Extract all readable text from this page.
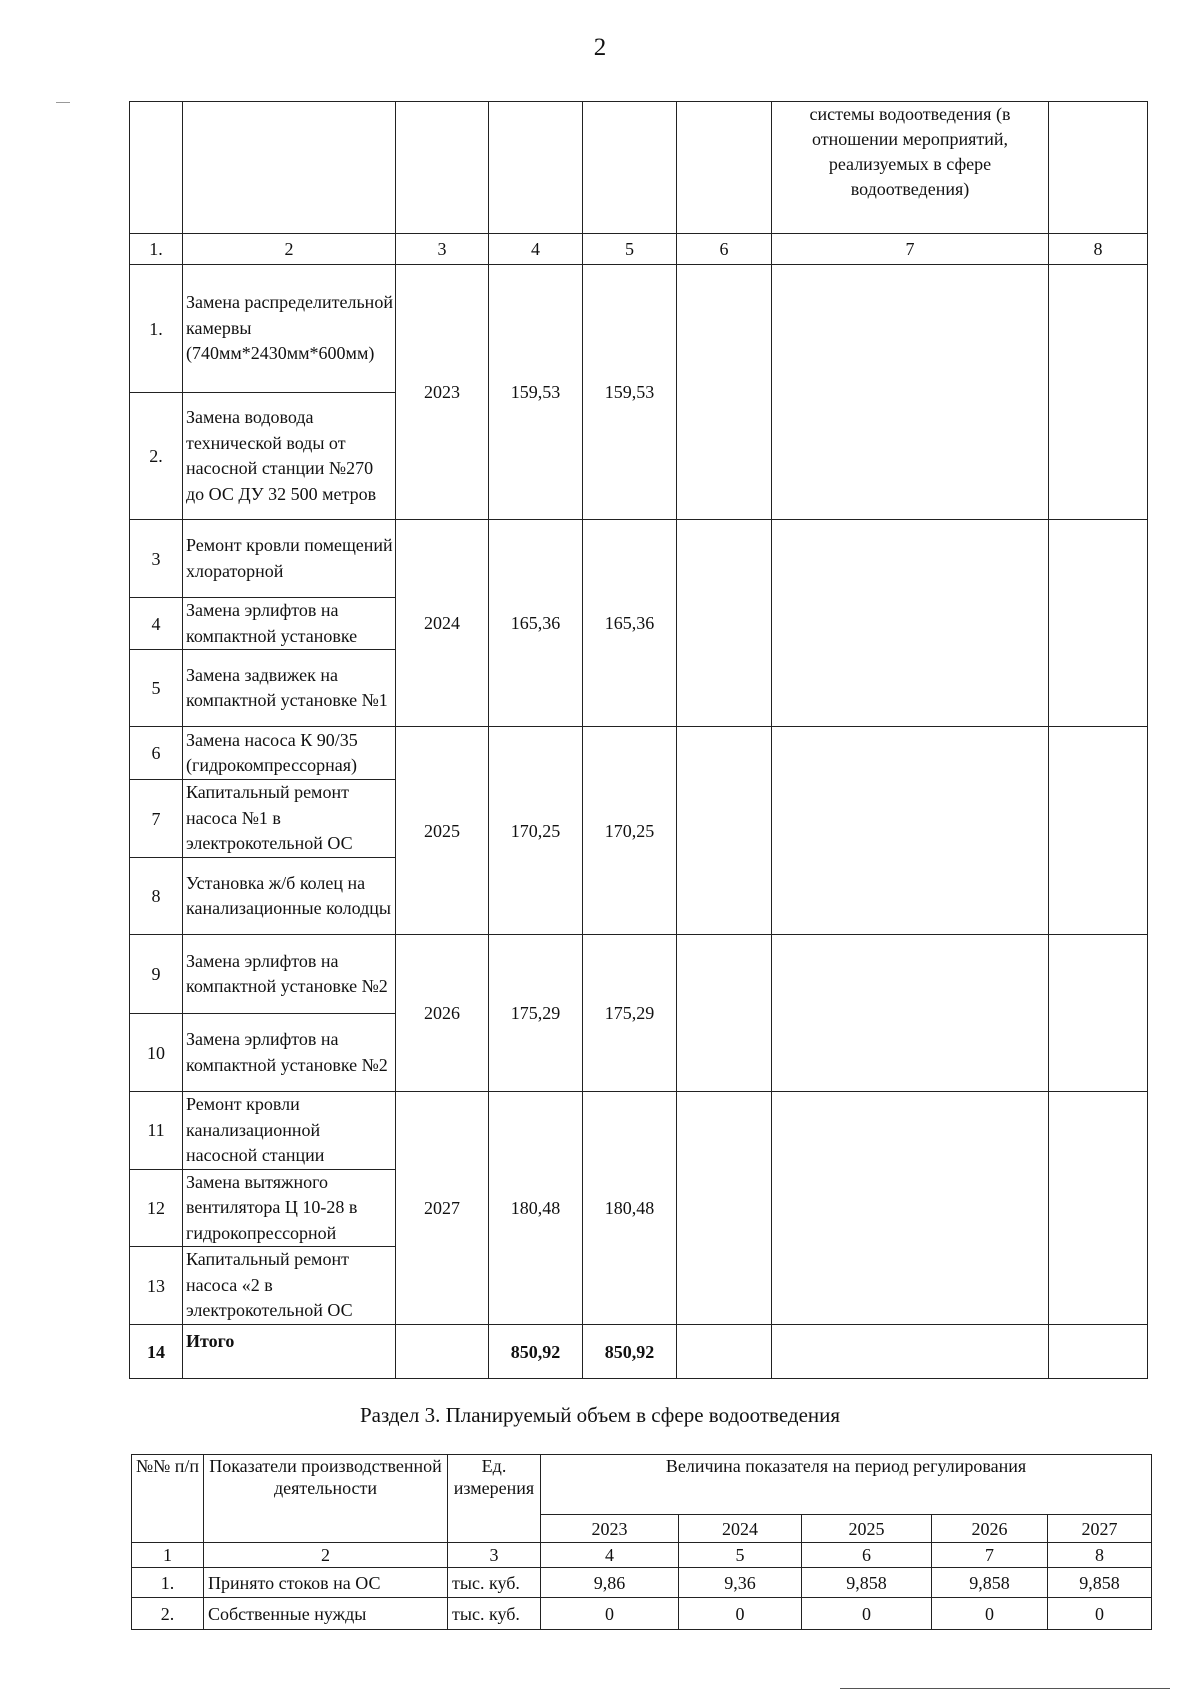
2
						системы водоотведения (в отношении мероприятий, реализуемых в сфере водоотведения)	
1.	2	3	4	5	6	7	8
1.	Замена распределительной камервы (740мм*2430мм*600мм)	2023	159,53	159,53			
2.	Замена водовода технической воды от насосной станции №270 до ОС ДУ 32 500 метров						
3	Ремонт кровли помещений хлораторной	2024	165,36	165,36			
4	Замена эрлифтов на компактной установке						
5	Замена задвижек на компактной установке №1						
6	Замена насоса К 90/35 (гидрокомпрессорная)	2025	170,25	170,25			
7	Капитальный ремонт насоса №1 в электрокотельной ОС						
8	Установка ж/б колец на канализационные колодцы						
9	Замена эрлифтов на компактной установке №2	2026	175,29	175,29			
10	Замена эрлифтов на компактной установке №2						
11	Ремонт кровли канализационной насосной станции	2027	180,48	180,48			
12	Замена вытяжного вентилятора Ц 10-28 в гидрокопрессорной						
13	Капитальный ремонт насоса «2 в электрокотельной ОС						
14	Итого		850,92	850,92			
Раздел 3. Планируемый объем в сфере водоотведения
№№ п/п	Показатели производственной деятельности	Ед. измерения	Величина показателя на период регулирования				
			2023	2024	2025	2026	2027
1	2	3	4	5	6	7	8
1.	Принято стоков на ОС	тыс. куб.	9,86	9,36	9,858	9,858	9,858
2.	Собственные нужды	тыс. куб.	0	0	0	0	0
